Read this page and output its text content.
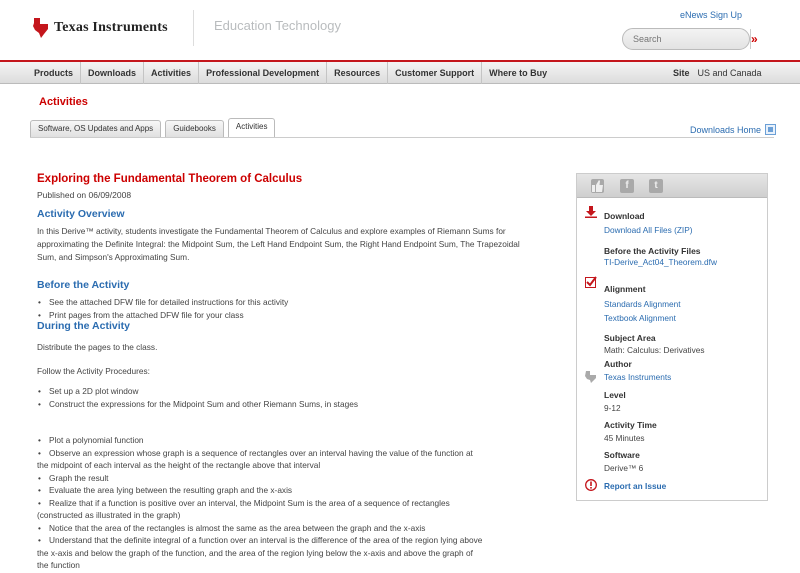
Texas Instruments	Education Technology
eNews Sign Up
Search
»
Products	Downloads	Activities	Professional Development	Resources	Customer Support	Where to Buy	Site US and Canada
Activities
Software, OS Updates and Apps	Guidebooks	Activities	Downloads Home
Exploring the Fundamental Theorem of Calculus
Published on 06/09/2008
Activity Overview
In this Derive™ activity, students investigate the Fundamental Theorem of Calculus and explore examples of Riemann Sums for approximating the Definite Integral: the Midpoint Sum, the Left Hand Endpoint Sum, the Right Hand Endpoint Sum, The Trapezoidal Sum, and Simpson's Approximating Sum.
Before the Activity
• See the attached DFW file for detailed instructions for this activity
• Print pages from the attached DFW file for your class
During the Activity
Distribute the pages to the class.
Follow the Activity Procedures:
• Set up a 2D plot window
• Construct the expressions for the Midpoint Sum and other Riemann Sums, in stages
• Plot a polynomial function
• Observe an expression whose graph is a sequence of rectangles over an interval having the value of the function at
the midpoint of each interval as the height of the rectangle above that interval
• Graph the result
• Evaluate the area lying between the resulting graph and the x-axis
• Realize that if a function is positive over an interval, the Midpoint Sum is the area of a sequence of rectangles
(constructed as illustrated in the graph)
• Notice that the area of the rectangles is almost the same as the area between the graph and the x-axis
• Understand that the definite integral of a function over an interval is the difference of the area of the region lying above
the x-axis and below the graph of the function, and the area of the region lying below the x-axis and above the graph of
the function
f	t
Download
Download All Files (ZIP)
Before the Activity Files
TI-Derive_Act04_Theorem.dfw
Alignment
Standards Alignment
Textbook Alignment
Subject Area
Math: Calculus: Derivatives
Author
Texas Instruments
Level
9-12
Activity Time
45 Minutes
Software
Derive™ 6
Report an Issue
